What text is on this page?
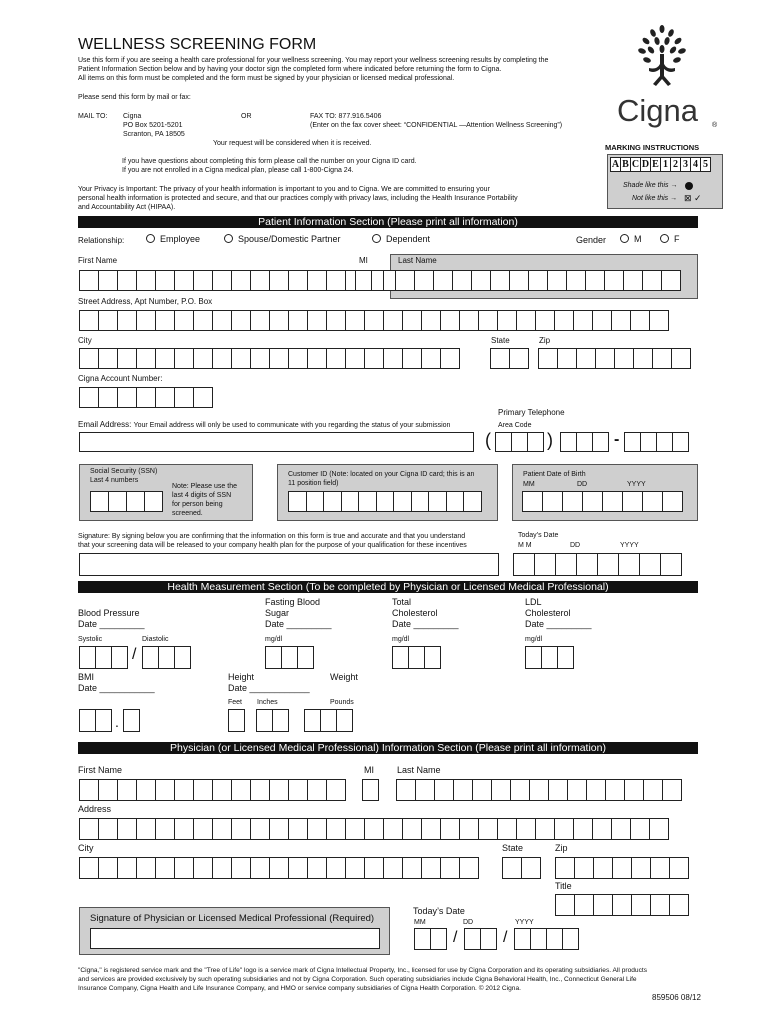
WELLNESS SCREENING FORM
Use this form if you are seeing a health care professional for your wellness screening. You may report your wellness screening results by completing the
Patient Information Section below and by having your doctor sign the completed form where indicated before returning the form to Cigna.
All items on this form must be completed and the form must be signed by your physician or licensed medical professional.
Please send this form by mail or fax:
MAIL TO: Cigna
PO Box 5201-5201
Scranton, PA 18505
OR	FAX TO: 877.916.5406
(Enter on the fax cover sheet: “CONFIDENTIAL —Attention Wellness Screening”)
Your request will be considered when it is received.
If you have questions about completing this form please call the number on your Cigna ID card.
If you are not enrolled in a Cigna medical plan, please call 1-800-Cigna 24.
Your Privacy is Important: The privacy of your health information is important to you and to Cigna. We are committed to ensuring your
personal health information is protected and secure, and that our practices comply with privacy laws, including the Health Insurance Portability
and Accountability Act (HIPAA).
Cigna ®
MARKING INSTRUCTIONS
A B C D E 1 2 3 4 5
Shade like this →
Not like this → ⊠ ✓
Patient Information Section (Please print all information)
Relationship:	Employee	Spouse/Domestic Partner	Dependent	Gender	M	F
First Name	MI	Last Name
Street Address, Apt Number, P.O. Box
City	State	Zip
Cigna Account Number:
Primary Telephone
Area Code
Email Address: Your Email address will only be used to communicate with you regarding the status of your submission
(	)	-
Social Security (SSN)
Last 4 numbers
Note: Please use the
last 4 digits of SSN
for person being
screened.
Customer ID (Note: located on your Cigna ID card; this is an
11 position field)
Patient Date of Birth
MM	DD	YYYY
Signature: By signing below you are confirming that the information on this form is true and accurate and that you understand
that your screening data will be released to your company health plan for the purpose of your qualification for these incentives
Today’s Date
M M	DD	YYYY
Health Measurement Section (To be completed by Physician or Licensed Medical Professional)
Blood Pressure
Date _________
Fasting Blood
Sugar
Date _________
Total
Cholesterol
Date _________
LDL
Cholesterol
Date _________
Systolic	Diastolic	mg/dl	mg/dl	mg/dl
/
BMI
Date ___________
Height
Date ____________
Weight
Feet Inches	Pounds
.
Physician (or Licensed Medical Professional) Information Section (Please print all information)
First Name	MI	Last Name
Address
City	State	Zip
Title
Signature of Physician or Licensed Medical Professional (Required)
Today’s Date
MM	DD	YYYY
/	/
"Cigna," is registered service mark and the "Tree of Life" logo is a service mark of Cigna Intellectual Property, Inc., licensed for use by Cigna Corporation and its operating subsidiaries. All products
and services are provided exclusively by such operating subsidiaries and not by Cigna Corporation. Such operating subsidiaries include Cigna Behavioral Health, Inc., Connecticut General Life
Insurance Company, Cigna Health and Life Insurance Company, and HMO or service company subsidiaries of Cigna Health Corporation. © 2012 Cigna.
859506 08/12
